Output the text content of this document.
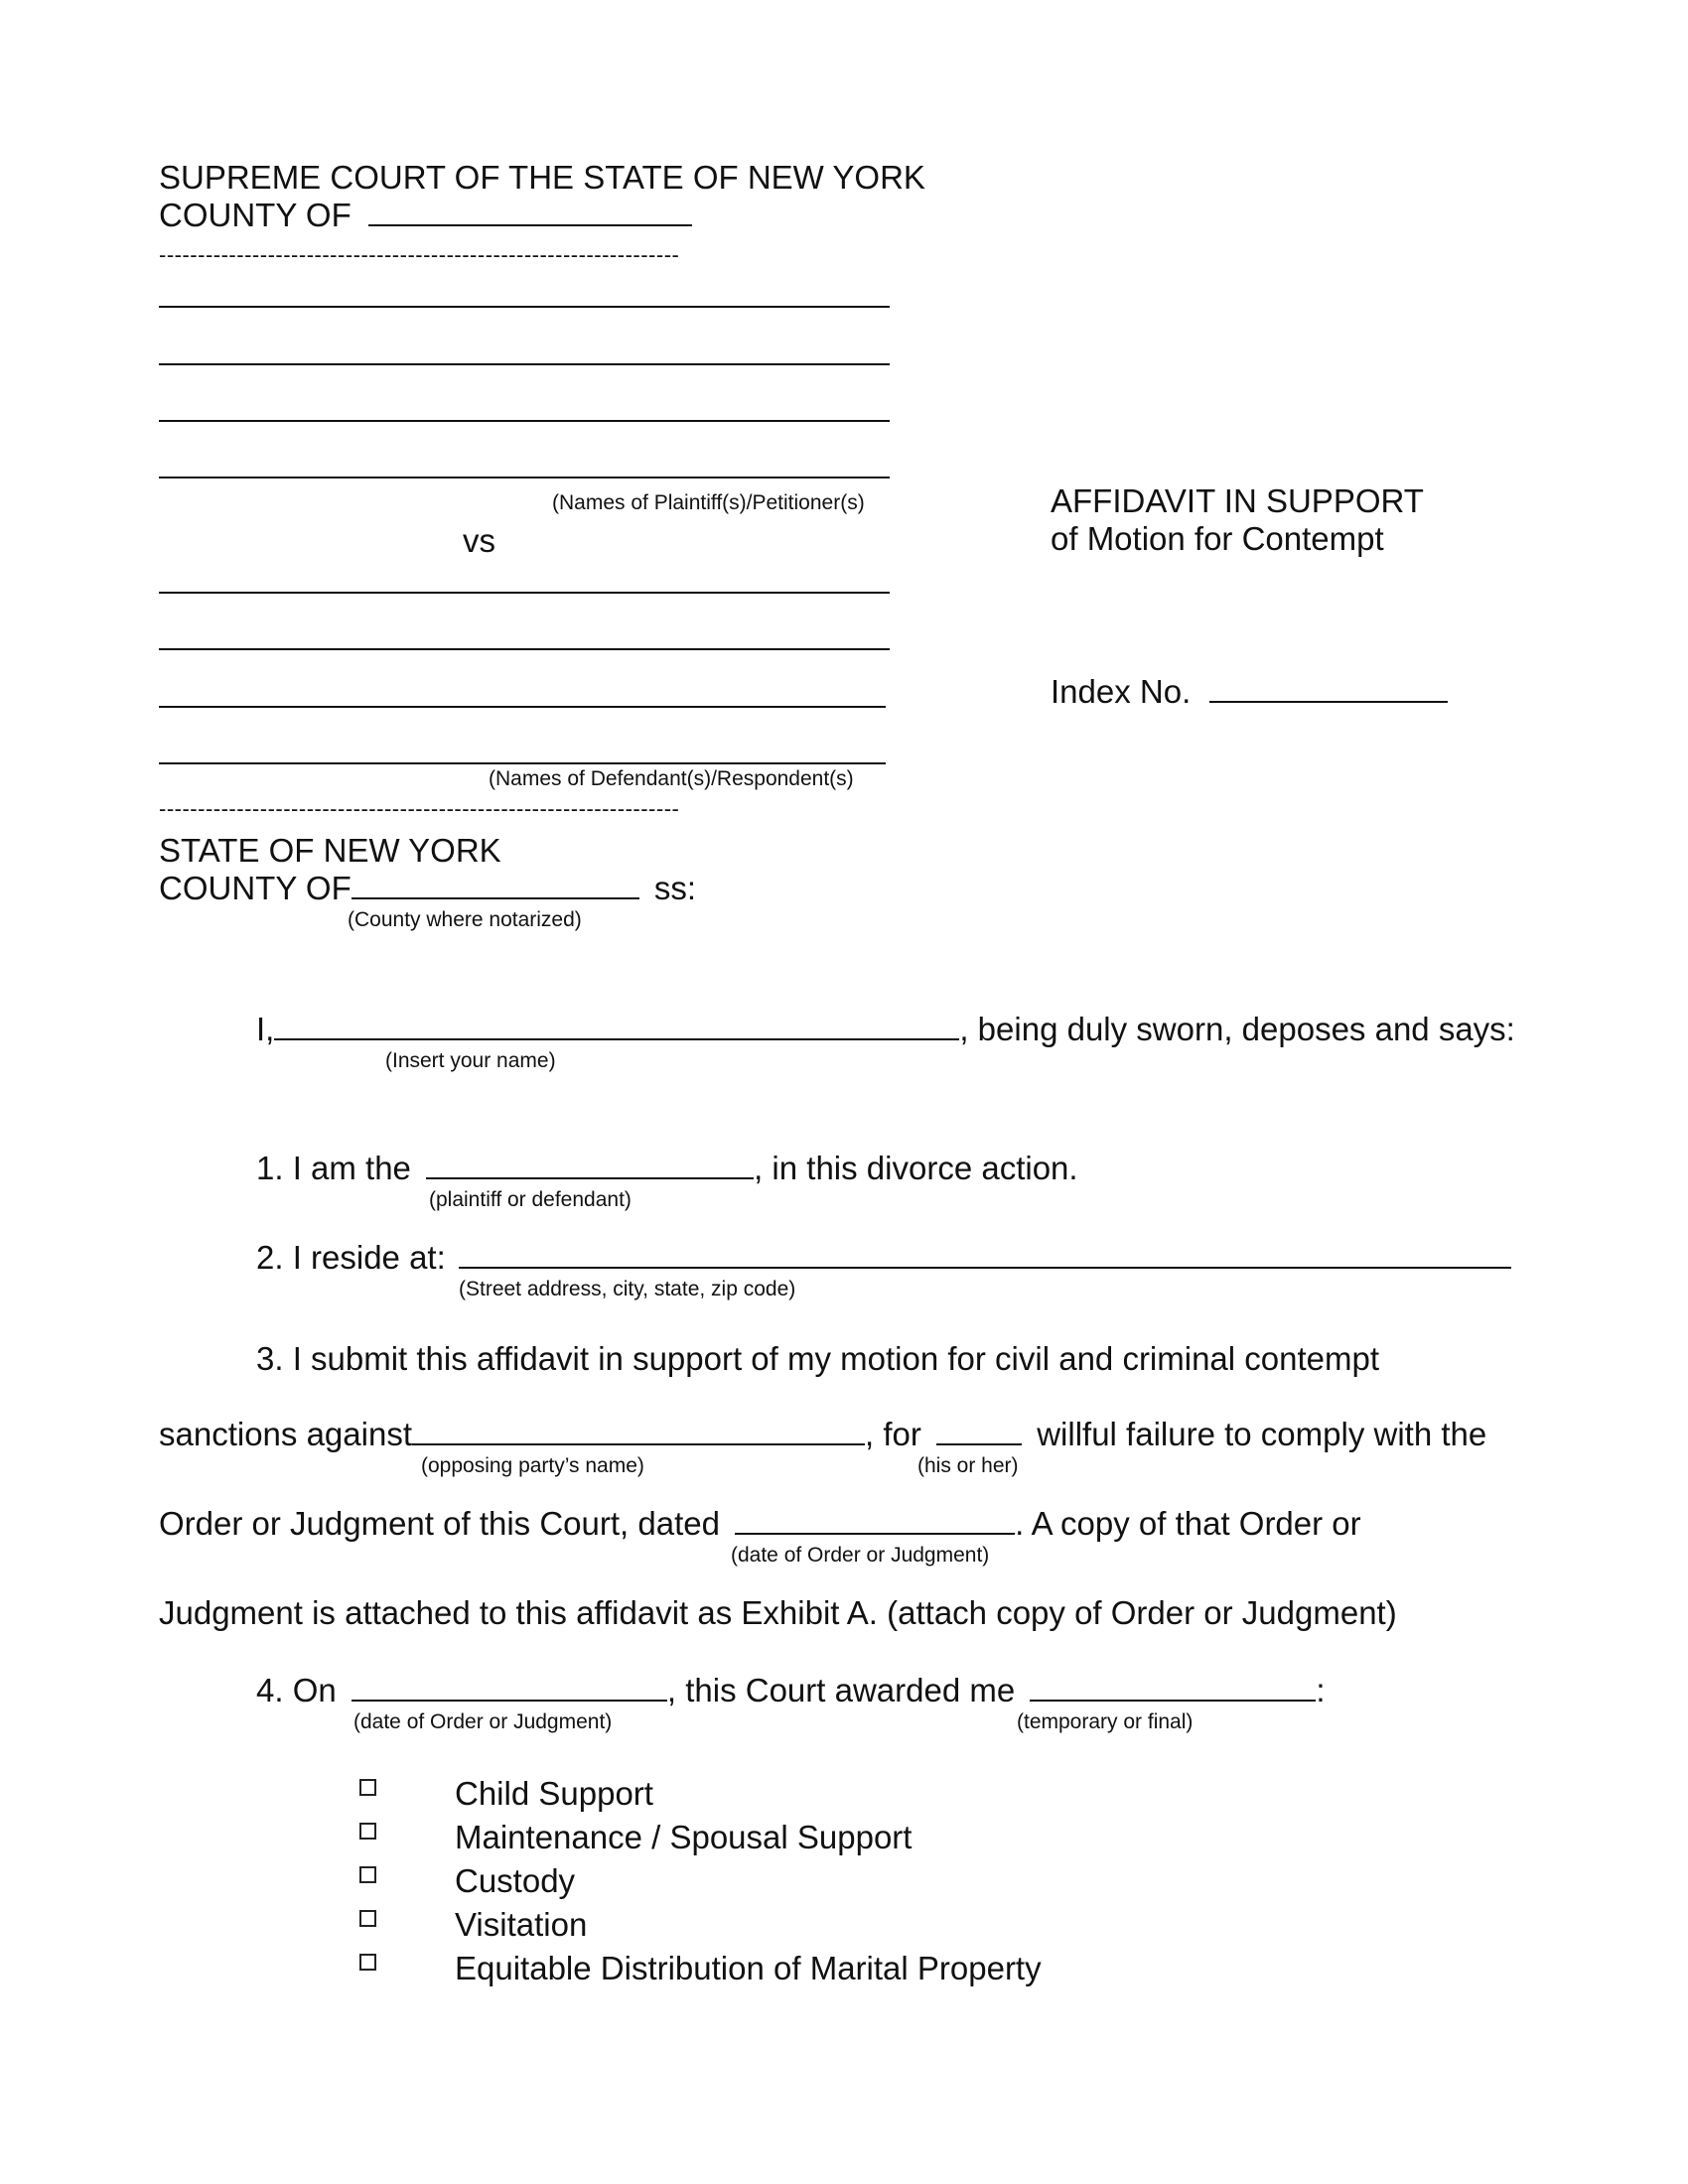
SUPREME COURT OF THE STATE OF NEW YORK
COUNTY OF
-------------------------------------------------------------------
(Names of Plaintiff(s)/Petitioner(s)
vs
(Names of Defendant(s)/Respondent(s)
-------------------------------------------------------------------
AFFIDAVIT IN SUPPORT
of Motion for Contempt
Index No.
STATE OF NEW YORK
COUNTY OF	ss:
(County where notarized)
I,	, being duly sworn, deposes and says:
(Insert your name)
1. I am the	, in this divorce action.
(plaintiff or defendant)
2. I reside at:
(Street address, city, state, zip code)
3. I submit this affidavit in support of my motion for civil and criminal contempt
sanctions against	, for	willful failure to comply with the
(opposing party’s name)	(his or her)
Order or Judgment of this Court, dated	. A copy of that Order or
(date of Order or Judgment)
Judgment is attached to this affidavit as Exhibit A. (attach copy of Order or Judgment)
4. On	, this Court awarded me	:
(date of Order or Judgment)	(temporary or final)
Child Support
Maintenance / Spousal Support
Custody
Visitation
Equitable Distribution of Marital Property
